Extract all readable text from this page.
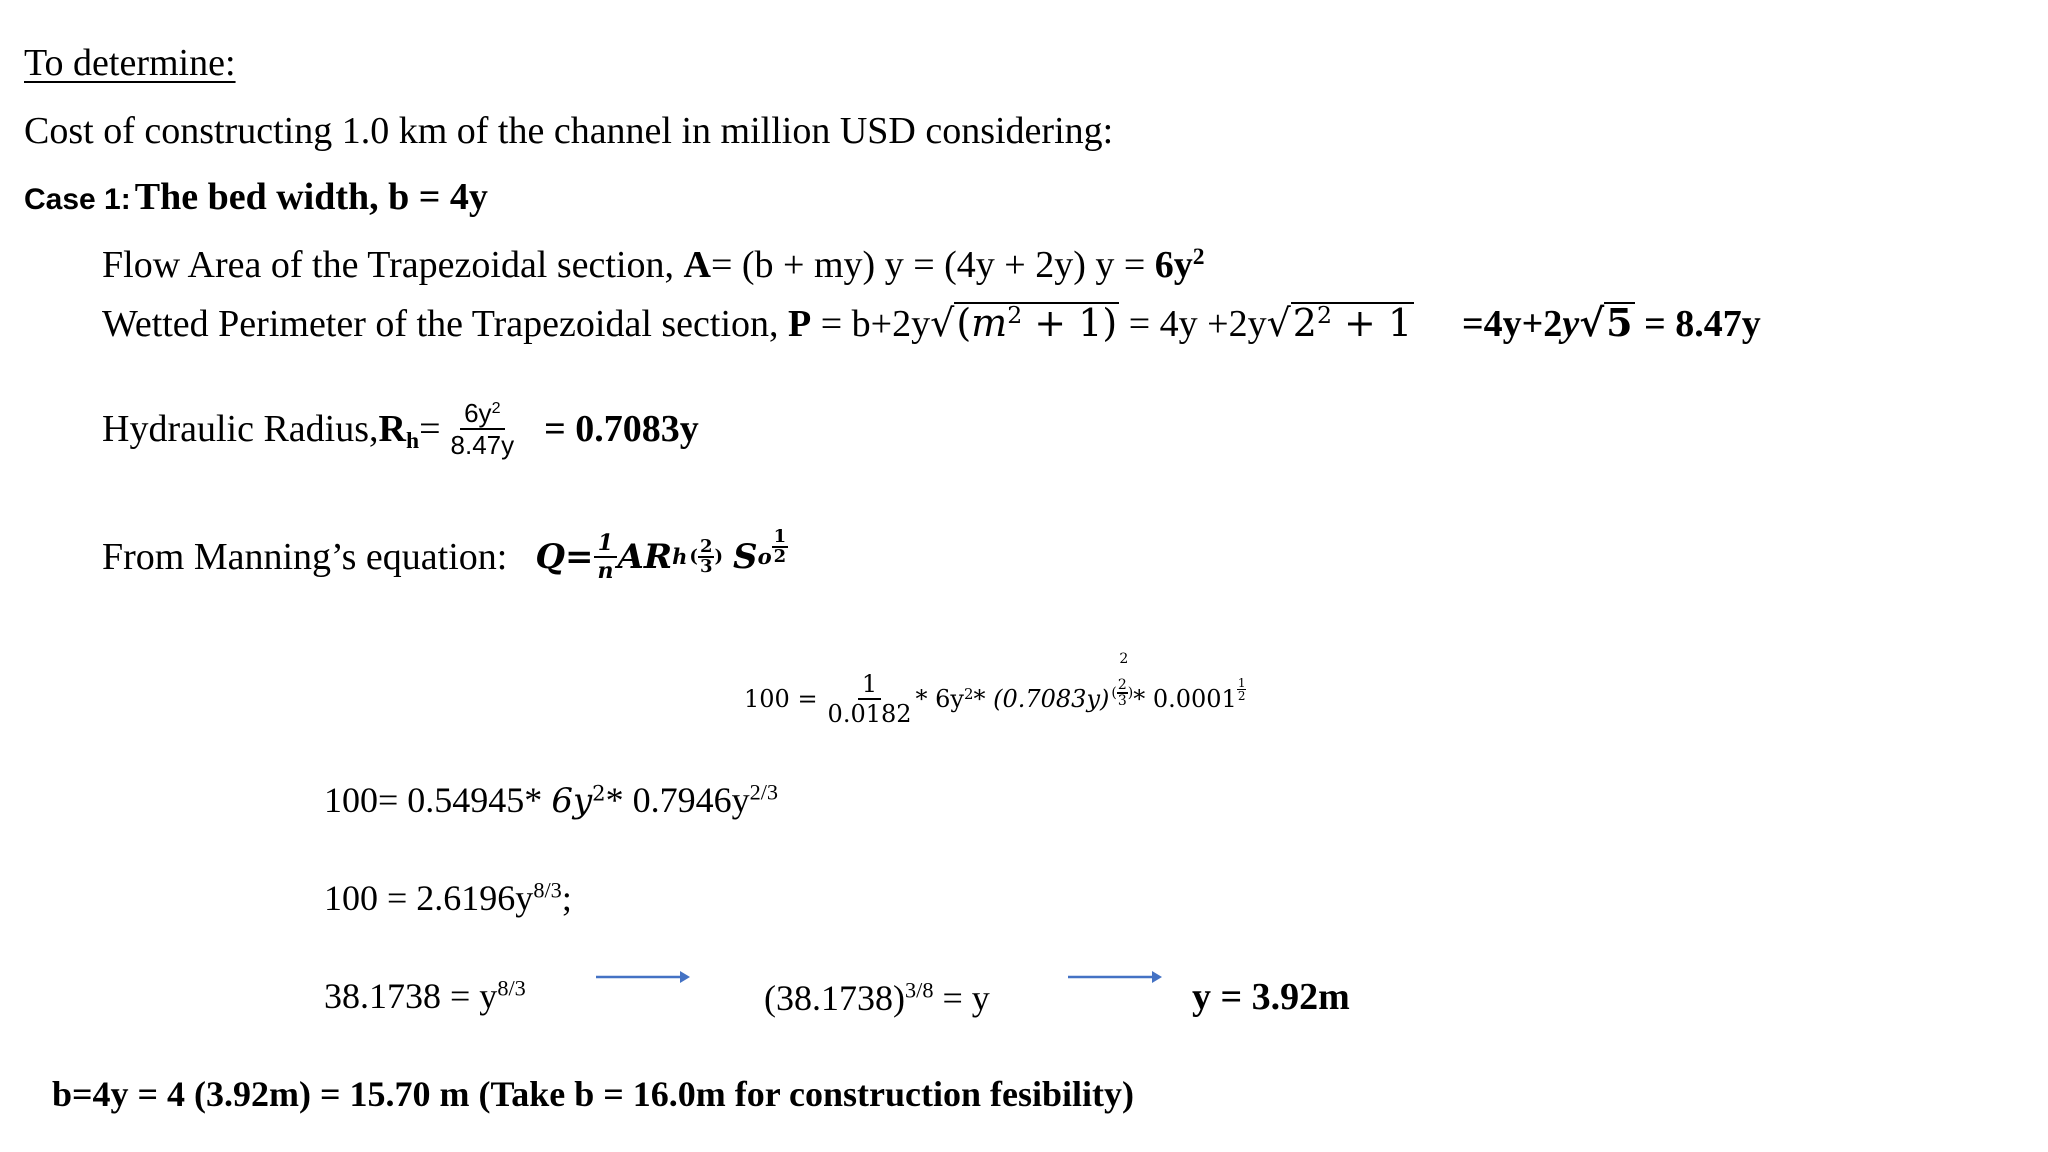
To determine:
Cost of constructing 1.0 km of the channel in million USD considering:
Case 1: The bed width, b = 4y
Flow Area of the Trapezoidal section, A= (b + my) y = (4y + 2y) $y = 6y^2$
Wetted Perimeter of the Trapezoidal section, $P = b+2y√(m^2 + 1) = 4y +2y√2^2 + 1 =4y+2y√5 = 8.47y$
Hydraulic Radius, $R_h = \frac{6y^2}{8.47y} = 0.7083y$
From Manning’s equation: $Q = \frac{1}{n}$ AR h ( $\frac{2}{3}$ ) S o $\frac{1}{2}$
$100 = \frac{1}{0.0182} * 6y^2 * (0.7083y)$
2
( $\frac{2}{3}$ ) * $0.0001 \frac{1}{2}$
100= 0.54945* $6y^2*$ $0.7946y^{2/3}$
$100 = 2.6196y^{8/3}$;
$38.1738 = y^{8/3}$	$(38.1738)^{3/8} = y$	y = 3.92m
b=4y = 4 (3.92m) = 15.70 m (Take b = 16.0m for construction fesibility)
